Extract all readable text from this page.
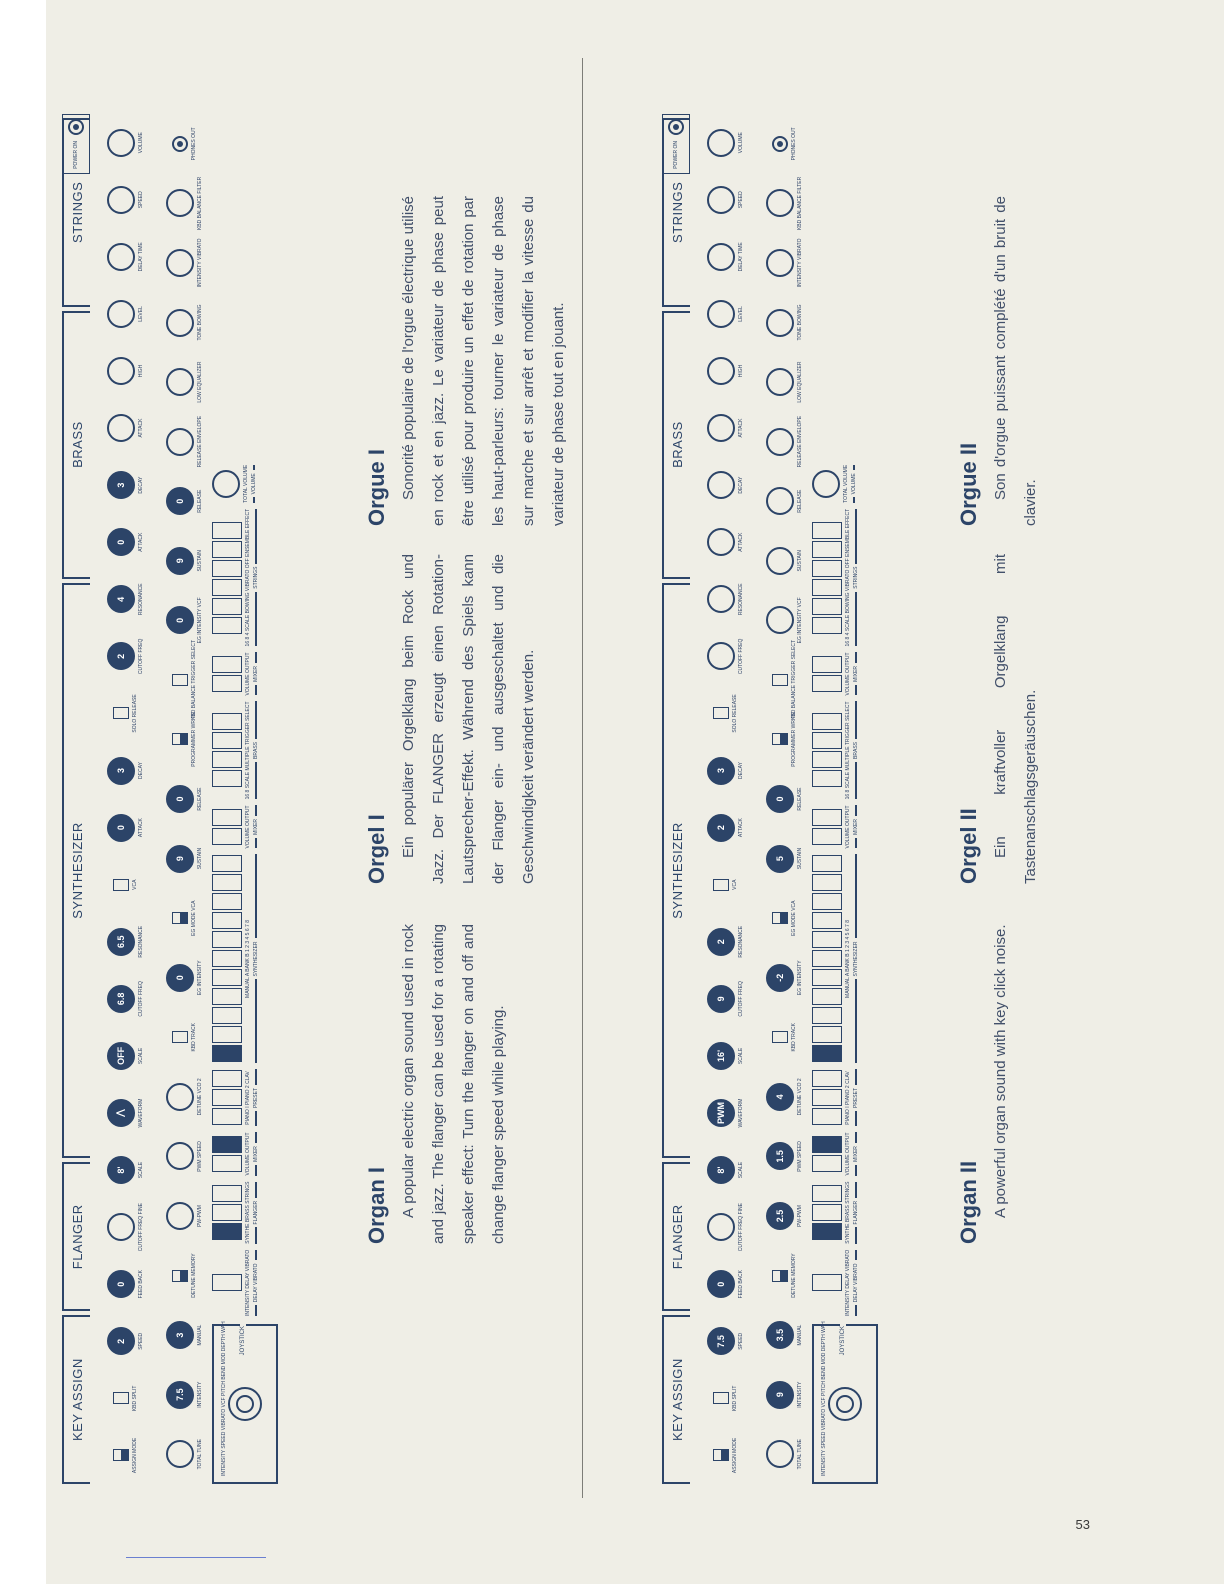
KEY ASSIGN
FLANGER
SYNTHESIZER
BRASS
STRINGS
POWER ON
ASSIGN MODE
KBD SPLIT
2	SPEED
0	FEED BACK
CUTOFF FREQ FINE
8'	SCALE
⋀	WAVEFORM
OFF	SCALE
6.8	CUTOFF FREQ
6.5	RESONANCE
VCA
0	ATTACK
3	DECAY
SOLO RELEASE
2	CUTOFF FREQ
4	RESONANCE
0	ATTACK
3	DECAY
ATTACK
HIGH
LEVEL
DELAY TIME
SPEED
VOLUME
TOTAL TUNE
7.5	INTENSITY
3	MANUAL
DETUNE MEMORY
PW-PWM
PWM SPEED
DETUNE VCO 2
KBD TRACK
0	EG INTENSITY
EG MODE VCA
9	SUSTAIN
0	RELEASE
PROGRAMMER WRITE
KBD BALANCE TRIGGER SELECT
0	EG INTENSITY VCF
9	SUSTAIN
0	RELEASE
RELEASE ENVELOPE
LOW EQUALIZER
TONE BOWING
INTENSITY VIBRATO
KBD BALANCE FILTER
PHONES OUT
INTENSITY DELAY VIBRATO DELAY VIBRATO
SYNTHE BRASS STRINGS FLANGER
VOLUME OUTPUT MIXER
PIANO I PIANO 2 CLAV PRESET
MANUAL A BANK B 1 2 3 4 5 6 7 8 SYNTHESIZER
VOLUME OUTPUT MIXER
16 8 SCALE MULTIPLE TRIGGER SELECT BRASS
VOLUME OUTPUT MIXER
16 8 4 SCALE BOWING VIBRATO OFF ENSEMBLE EFFECT STRINGS
TOTAL VOLUME VOLUME
JOYSTICK
INTENSITY SPEED VIBRATO VCF PITCH BEND MOD DEPTH WAH	KEY ASSIGN
FLANGER
SYNTHESIZER
BRASS
STRINGS
POWER ON
ASSIGN MODE
KBD SPLIT
7.5	SPEED
0	FEED BACK
CUTOFF FREQ FINE
8'	SCALE
PWM	WAVEFORM
16'	SCALE
9	CUTOFF FREQ
2	RESONANCE
VCA
2	ATTACK
3	DECAY
SOLO RELEASE
CUTOFF FREQ
RESONANCE
ATTACK
DECAY
ATTACK
HIGH
LEVEL
DELAY TIME
SPEED
VOLUME
TOTAL TUNE
9	INTENSITY
3.5	MANUAL
DETUNE MEMORY
2.5	PW-PWM
1.5	PWM SPEED
4	DETUNE VCO 2
KBD TRACK
-2	EG INTENSITY
EG MODE VCA
5	SUSTAIN
0	RELEASE
PROGRAMMER WRITE
KBD BALANCE TRIGGER SELECT
EG INTENSITY VCF
SUSTAIN
RELEASE
RELEASE ENVELOPE
LOW EQUALIZER
TONE BOWING
INTENSITY VIBRATO
KBD BALANCE FILTER
PHONES OUT
INTENSITY DELAY VIBRATO DELAY VIBRATO
SYNTHE BRASS STRINGS FLANGER
VOLUME OUTPUT MIXER
PIANO I PIANO 2 CLAV PRESET
MANUAL A BANK B 1 2 3 4 5 6 7 8 SYNTHESIZER
VOLUME OUTPUT MIXER
16 8 SCALE MULTIPLE TRIGGER SELECT BRASS
VOLUME OUTPUT MIXER
16 8 4 SCALE BOWING VIBRATO OFF ENSEMBLE EFFECT STRINGS
TOTAL VOLUME VOLUME
JOYSTICK
INTENSITY SPEED VIBRATO VCF PITCH BEND MOD DEPTH WAH
Organ I A popular electric organ sound used in rock and jazz. The flanger can be used for a rotating speaker effect: Turn the flanger on and off and change flanger speed while playing.

Orgel I Ein populärer Orgelklang beim Rock und Jazz. Der FLANGER erzeugt einen Rotation-Lautsprecher-Effekt. Während des Spiels kann der Flanger ein- und ausgeschaltet und die Geschwindigkeit verändert werden.

Orgue I Sonorité populaire de l'orgue électrique utilisé en rock et en jazz. Le variateur de phase peut être utilisé pour produire un effet de rotation par les haut-parleurs: tourner le variateur de phase sur marche et sur arrêt et modifier la vitesse du variateur de phase tout en jouant.

Organ II A powerful organ sound with key click noise.

Orgel II Ein kraftvoller Orgelklang mit Tastenanschlagsgeräuschen.

Orgue II Son d'orgue puissant complété d'un bruit de clavier.

53
